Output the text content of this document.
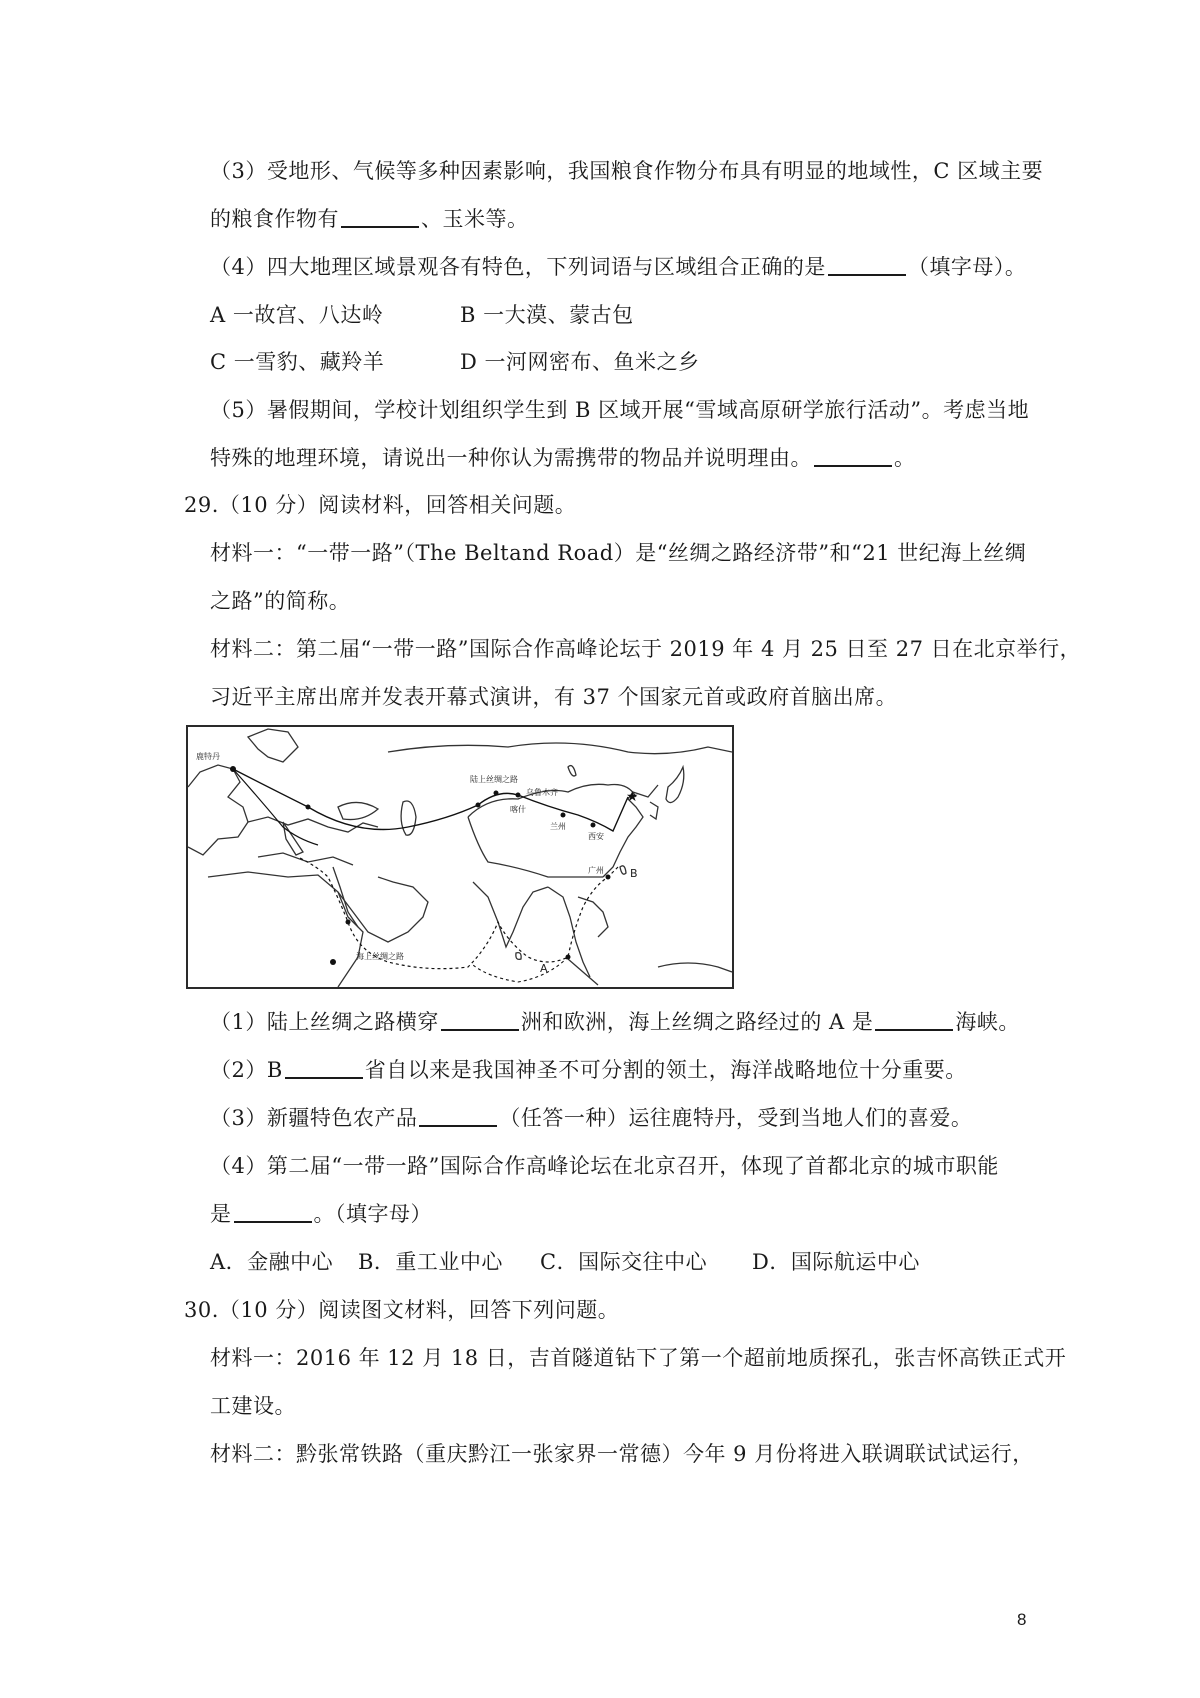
（3）受地形、气候等多种因素影响，我国粮食作物分布具有明显的地域性，C 区域主要
的粮食作物有	、玉米等。
（4）四大地理区域景观各有特色，下列词语与区域组合正确的是	（填字母）。
A 一故宫、八达岭	B 一大漠、蒙古包
C 一雪豹、藏羚羊	D 一河网密布、鱼米之乡
（5）暑假期间，学校计划组织学生到 B 区域开展“雪域高原研学旅行活动”。考虑当地
特殊的地理环境，请说出一种你认为需携带的物品并说明理由。	。
29.（10 分）阅读材料，回答相关问题。
材料一：“一带一路”（The Beltand Road）是“丝绸之路经济带”和“21 世纪海上丝绸
之路”的简称。
材料二：第二届“一带一路”国际合作高峰论坛于 2019 年 4 月 25 日至 27 日在北京举行，
习近平主席出席并发表开幕式演讲，有 37 个国家元首或政府首脑出席。
★
鹿特丹
陆上丝绸之路
喀什
乌鲁木齐
兰州
西安
广州
海上丝绸之路
A
B
（1）陆上丝绸之路横穿	洲和欧洲，海上丝绸之路经过的 A 是	海峡。
（2）B	省自以来是我国神圣不可分割的领土，海洋战略地位十分重要。
（3）新疆特色农产品	（任答一种）运往鹿特丹，受到当地人们的喜爱。
（4）第二届“一带一路”国际合作高峰论坛在北京召开，体现了首都北京的城市职能
是	。（填字母）
A．金融中心 B．重工业中心 C．国际交往中心 D．国际航运中心
30.（10 分）阅读图文材料，回答下列问题。
材料一：2016 年 12 月 18 日，吉首隧道钻下了第一个超前地质探孔，张吉怀高铁正式开
工建设。
材料二：黔张常铁路（重庆黔江一张家界一常德）今年 9 月份将进入联调联试试运行，
8
